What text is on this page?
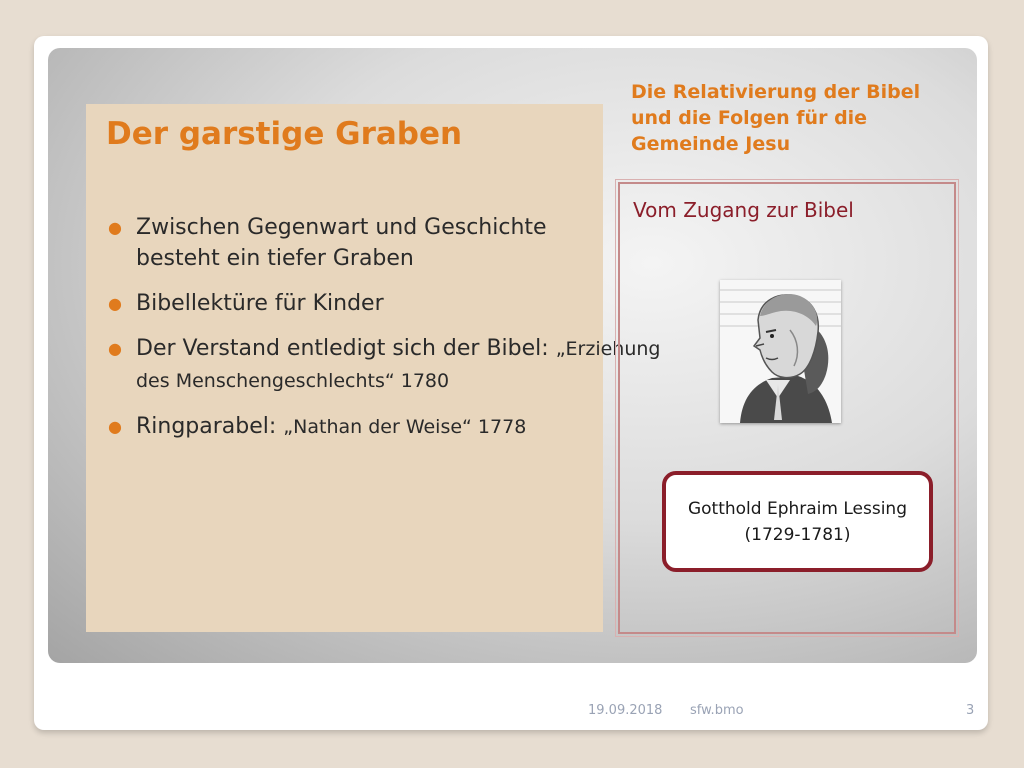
Der garstige Graben
● Zwischen Gegenwart und Geschichte besteht ein tiefer Graben
● Bibellektüre für Kinder
● Der Verstand entledigt sich der Bibel: „Erziehung des Menschengeschlechts“ 1780
● Ringparabel: „Nathan der Weise“ 1778
Die Relativierung der Bibel und die Folgen für die Gemeinde Jesu
Vom Zugang zur Bibel
Gotthold Ephraim Lessing (1729-1781)
19.09.2018 sfw.bmo	3
